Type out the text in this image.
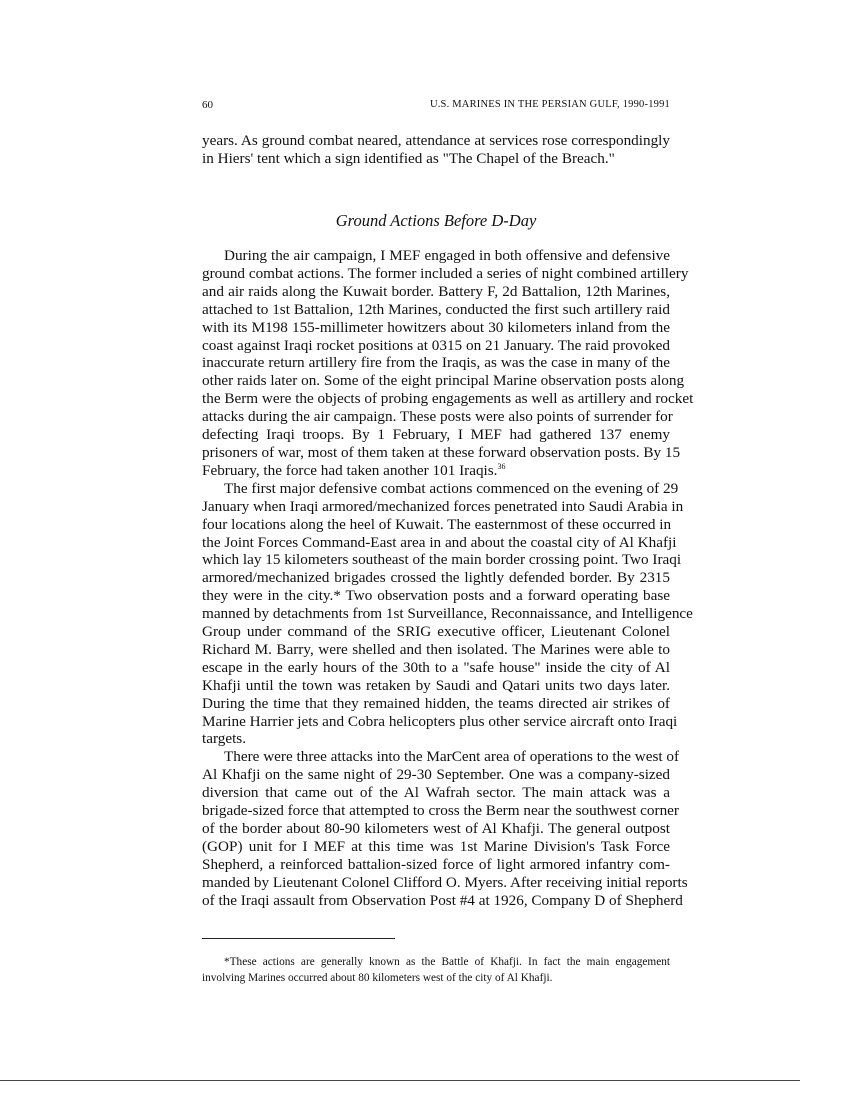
60	U.S. MARINES IN THE PERSIAN GULF, 1990-1991
years. As ground combat neared, attendance at services rose correspondingly
in Hiers' tent which a sign identified as "The Chapel of the Breach."
Ground Actions Before D-Day
During the air campaign, I MEF engaged in both offensive and defensive
ground combat actions. The former included a series of night combined artillery
and air raids along the Kuwait border. Battery F, 2d Battalion, 12th Marines,
attached to 1st Battalion, 12th Marines, conducted the first such artillery raid
with its M198 155-millimeter howitzers about 30 kilometers inland from the
coast against Iraqi rocket positions at 0315 on 21 January. The raid provoked
inaccurate return artillery fire from the Iraqis, as was the case in many of the
other raids later on. Some of the eight principal Marine observation posts along
the Berm were the objects of probing engagements as well as artillery and rocket
attacks during the air campaign. These posts were also points of surrender for
defecting Iraqi troops. By 1 February, I MEF had gathered 137 enemy
prisoners of war, most of them taken at these forward observation posts. By 15
February, the force had taken another 101 Iraqis.$^{36}$
The first major defensive combat actions commenced on the evening of 29
January when Iraqi armored/mechanized forces penetrated into Saudi Arabia in
four locations along the heel of Kuwait. The easternmost of these occurred in
the Joint Forces Command-East area in and about the coastal city of Al Khafji
which lay 15 kilometers southeast of the main border crossing point. Two Iraqi
armored/mechanized brigades crossed the lightly defended border. By 2315
they were in the city.* Two observation posts and a forward operating base
manned by detachments from 1st Surveillance, Reconnaissance, and Intelligence
Group under command of the SRIG executive officer, Lieutenant Colonel
Richard M. Barry, were shelled and then isolated. The Marines were able to
escape in the early hours of the 30th to a "safe house" inside the city of Al
Khafji until the town was retaken by Saudi and Qatari units two days later.
During the time that they remained hidden, the teams directed air strikes of
Marine Harrier jets and Cobra helicopters plus other service aircraft onto Iraqi
targets.
There were three attacks into the MarCent area of operations to the west of
Al Khafji on the same night of 29-30 September. One was a company-sized
diversion that came out of the Al Wafrah sector. The main attack was a
brigade-sized force that attempted to cross the Berm near the southwest corner
of the border about 80-90 kilometers west of Al Khafji. The general outpost
(GOP) unit for I MEF at this time was 1st Marine Division's Task Force
Shepherd, a reinforced battalion-sized force of light armored infantry com-
manded by Lieutenant Colonel Clifford O. Myers. After receiving initial reports
of the Iraqi assault from Observation Post #4 at 1926, Company D of Shepherd
*These actions are generally known as the Battle of Khafji. In fact the main engagement
involving Marines occurred about 80 kilometers west of the city of Al Khafji.
